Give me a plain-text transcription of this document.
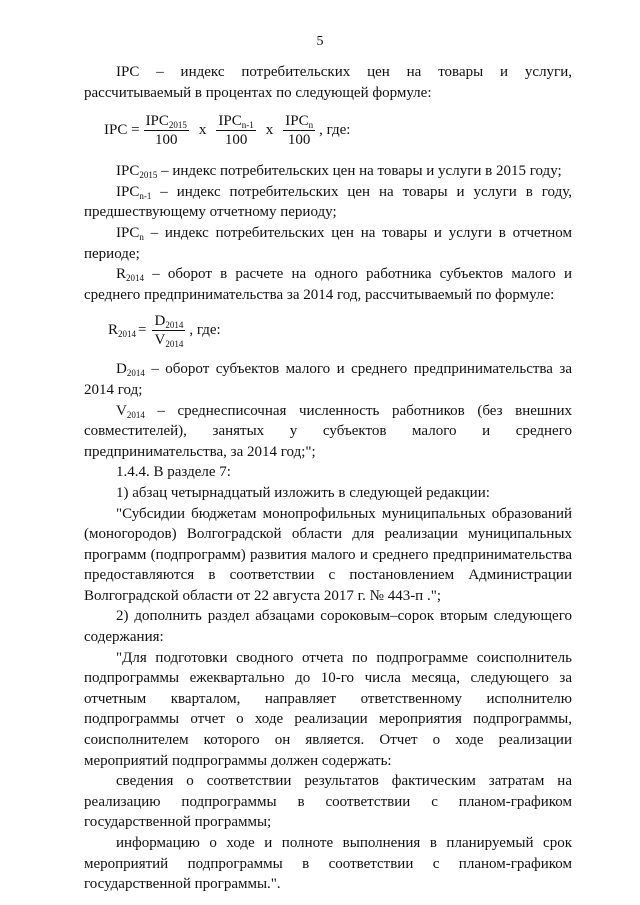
5

IPC – индекс потребительских цен на товары и услуги, рассчитываемый в процентах по следующей формуле:

IPC = $\frac{IPC_{2015}}{100}$ x $\frac{IPC_{n-1}}{100}$ x $\frac{IPC_n}{100}$ , где:

$IPC_{2015}$ – индекс потребительских цен на товары и услуги в 2015 году;

$IPC_{n-1}$ – индекс потребительских цен на товары и услуги в году, предшествующему отчетному периоду;

$IPC_n$ – индекс потребительских цен на товары и услуги в отчетном периоде;

$R_{2014}$ – оборот в расчете на одного работника субъектов малого и среднего предпринимательства за 2014 год, рассчитываемый по формуле:

$R_{2014} = \frac{D_{2014}}{V_{2014}}$ , где:

$D_{2014}$ – оборот субъектов малого и среднего предпринимательства за 2014 год;

$V_{2014}$ – среднесписочная численность работников (без внешних совместителей), занятых у субъектов малого и среднего предпринимательства, за 2014 год;";

1.4.4. В разделе 7:

1) абзац четырнадцатый изложить в следующей редакции:

"Субсидии бюджетам монопрофильных муниципальных образований (моногородов) Волгоградской области для реализации муниципальных программ (подпрограмм) развития малого и среднего предпринимательства предоставляются в соответствии с постановлением Администрации Волгоградской области от 22 августа 2017 г. № 443-п .";

2) дополнить раздел абзацами сороковым–сорок вторым следующего содержания:

"Для подготовки сводного отчета по подпрограмме соисполнитель подпрограммы ежеквартально до 10-го числа месяца, следующего за отчетным кварталом, направляет ответственному исполнителю подпрограммы отчет о ходе реализации мероприятия подпрограммы, соисполнителем которого он является. Отчет о ходе реализации мероприятий подпрограммы должен содержать:

сведения о соответствии результатов фактическим затратам на реализацию подпрограммы в соответствии с планом-графиком государственной программы;

информацию о ходе и полноте выполнения в планируемый срок мероприятий подпрограммы в соответствии с планом-графиком государственной программы.".
